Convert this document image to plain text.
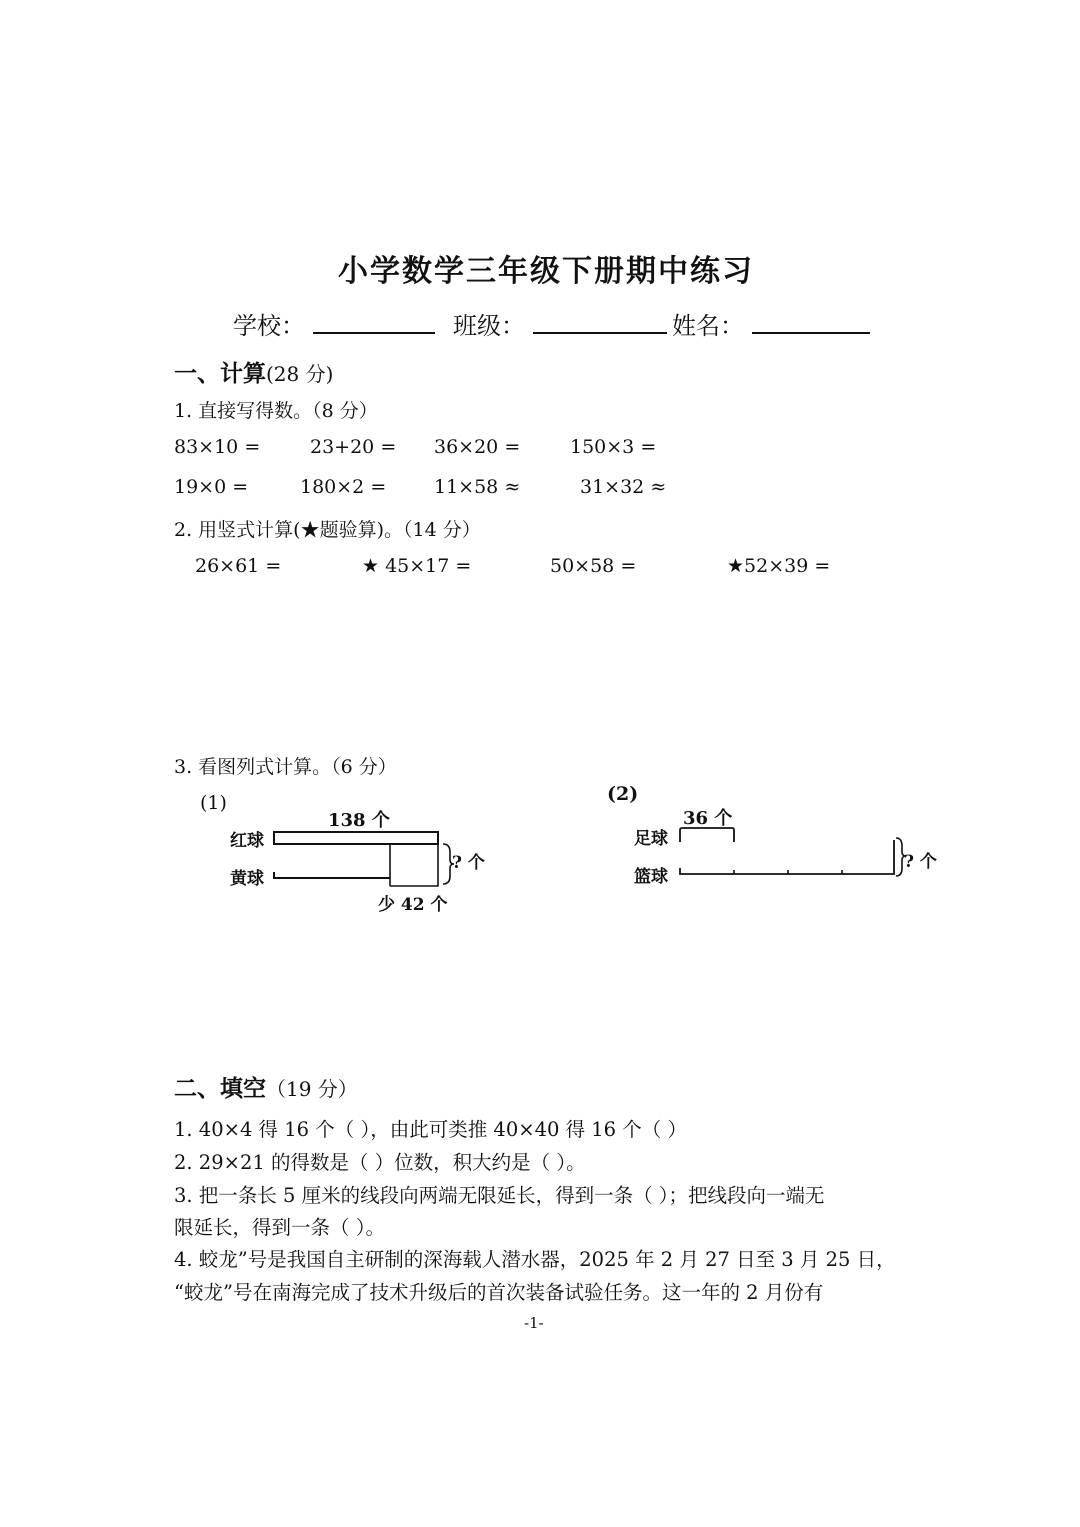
小学数学三年级下册期中练习
学校：	班级：	姓名：
一、计算(28 分)
1. 直接写得数。（8 分）
83×10 =	23+20 = 36×20 =	150×3 =
19×0 =	180×2 =	11×58 ≈	31×32 ≈
2. 用竖式计算(★题验算)。（14 分）
26×61 =	★ 45×17 =	50×58 =	★52×39 =
3. 看图列式计算。（6 分）
(1)
138 个
红球
黄球
? 个
少 42 个
(2)
36 个
足球
篮球
? 个
二、填空（19 分）
1. 40×4 得 16 个（ ），由此可类推 40×40 得 16 个（ ）
2. 29×21 的得数是（ ）位数，积大约是（ ）。
3. 把一条长 5 厘米的线段向两端无限延长，得到一条（ ）；把线段向一端无
限延长，得到一条（ ）。
4. 蛟龙”号是我国自主研制的深海载人潜水器，2025 年 2 月 27 日至 3 月 25 日，
“蛟龙”号在南海完成了技术升级后的首次装备试验任务。这一年的 2 月份有
-1-
